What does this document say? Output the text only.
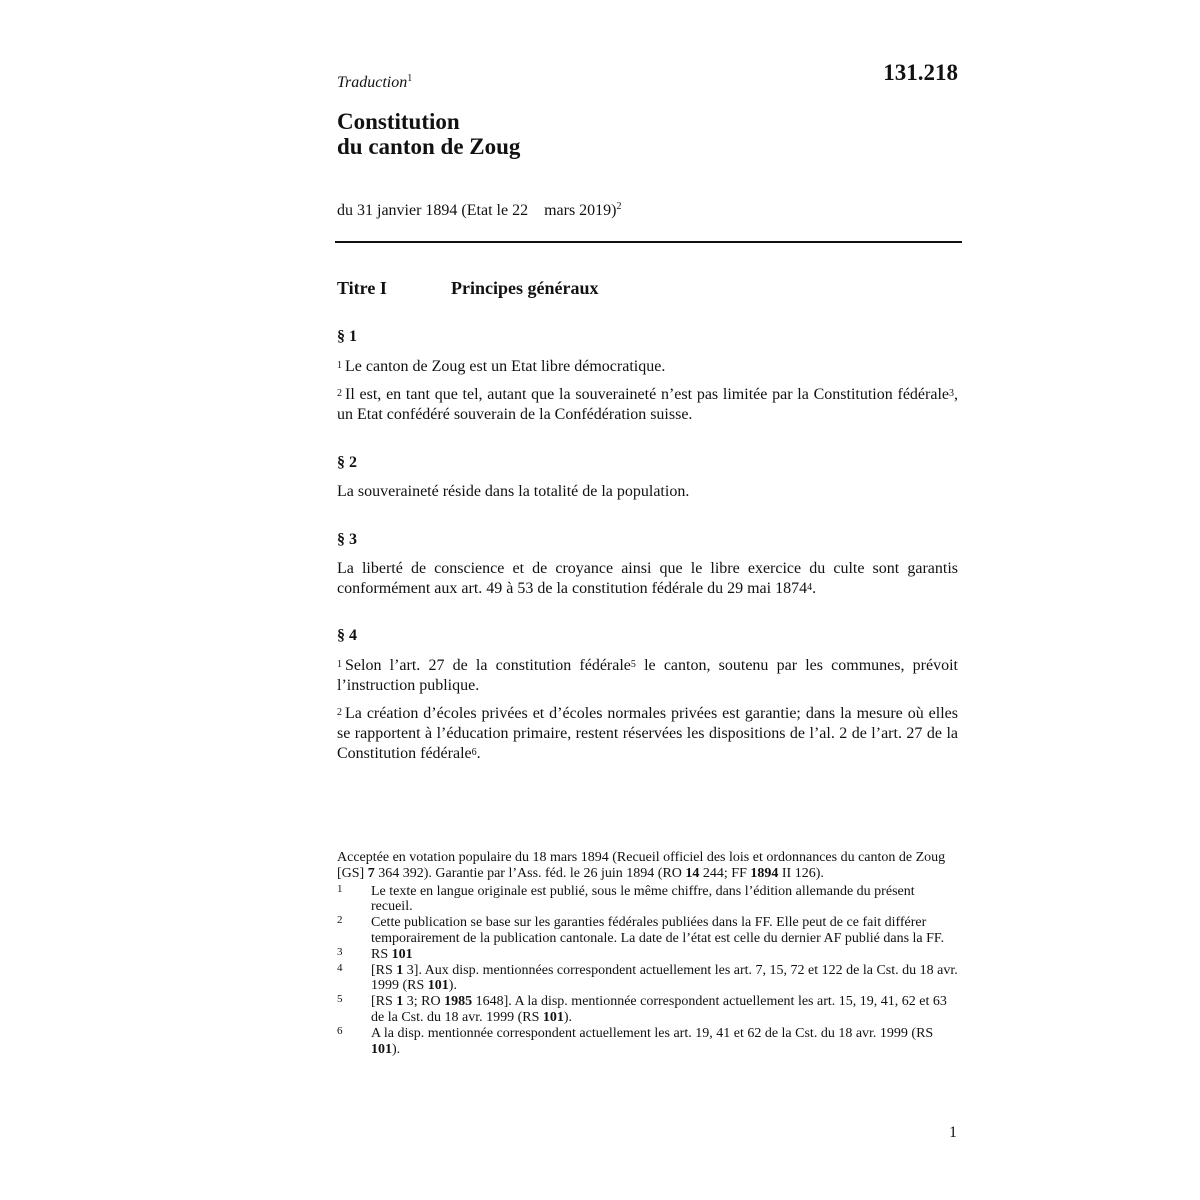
131.218
Traduction$^1$
Constitution
du canton de Zoug
du 31 janvier 1894 (Etat le 22    mars 2019)$^2$
Titre I	Principes généraux
§ 1
$^1$ Le canton de Zoug est un Etat libre démocratique.
$^2$ Il est, en tant que tel, autant que la souveraineté n’est pas limitée par la Constitution fédérale$^3$, un Etat confédéré souverain de la Confédération suisse.
§ 2
La souveraineté réside dans la totalité de la population.
§ 3
La liberté de conscience et de croyance ainsi que le libre exercice du culte sont garantis conformément aux art. 49 à 53 de la constitution fédérale du 29 mai 1874$^4$.
§ 4
$^1$ Selon l’art. 27 de la constitution fédérale$^5$ le canton, soutenu par les communes, prévoit l’instruction publique.
$^2$ La création d’écoles privées et d’écoles normales privées est garantie; dans la mesure où elles se rapportent à l’éducation primaire, restent réservées les dispositions de l’al. 2 de l’art. 27 de la Constitution fédérale$^6$.

Acceptée en votation populaire du 18 mars 1894 (Recueil officiel des lois et ordonnances du canton de Zoug [GS] 7 364 392). Garantie par l’Ass. féd. le 26 juin 1894 (RO 14 244; FF 1894 II 126).

1 Le texte en langue originale est publié, sous le même chiffre, dans l’édition allemande du présent recueil.
2 Cette publication se base sur les garanties fédérales publiées dans la FF. Elle peut de ce fait différer temporairement de la publication cantonale. La date de l’état est celle du dernier AF publié dans la FF.
3 RS 101
4 [RS 1 3]. Aux disp. mentionnées correspondent actuellement les art. 7, 15, 72 et 122 de la Cst. du 18 avr. 1999 (RS 101).
5 [RS 1 3; RO 1985 1648]. A la disp. mentionnée correspondent actuellement les art. 15, 19, 41, 62 et 63 de la Cst. du 18 avr. 1999 (RS 101).
6 A la disp. mentionnée correspondent actuellement les art. 19, 41 et 62 de la Cst. du 18 avr. 1999 (RS 101).
1
